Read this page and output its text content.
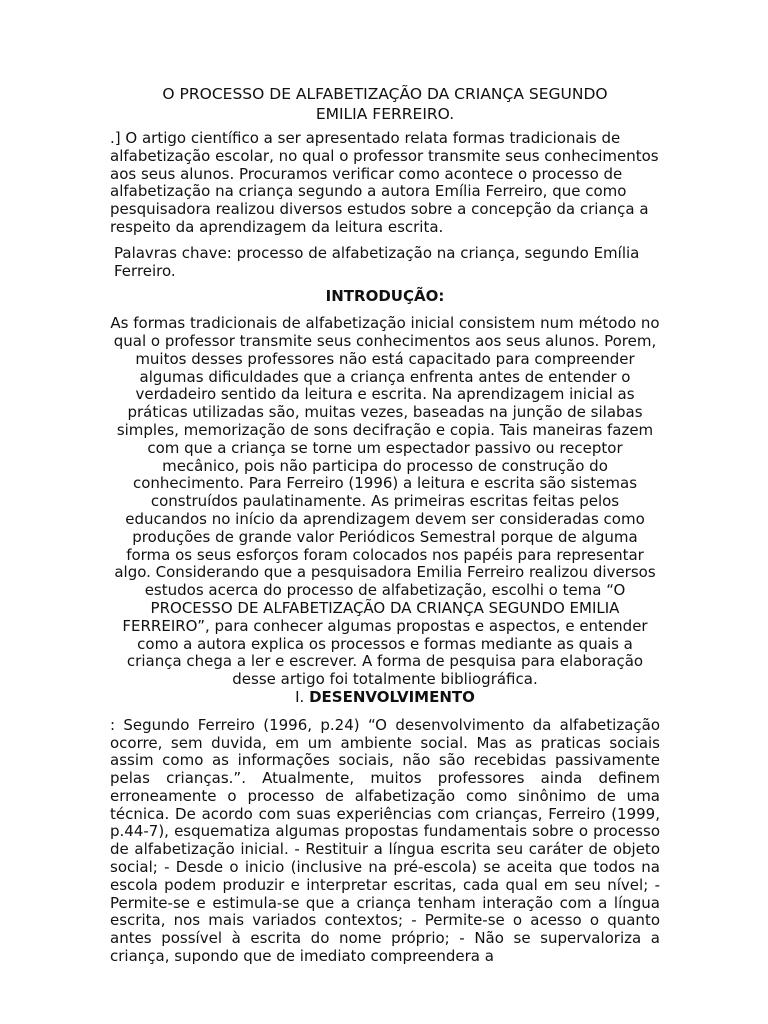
O PROCESSO DE ALFABETIZAÇÃO DA CRIANÇA SEGUNDO
EMILIA FERREIRO.

.] O artigo científico a ser apresentado relata formas tradicionais de alfabetização escolar, no qual o professor transmite seus conhecimentos aos seus alunos. Procuramos verificar como acontece o processo de alfabetização na criança segundo a autora Emília Ferreiro, que como pesquisadora realizou diversos estudos sobre a concepção da criança a respeito da aprendizagem da leitura escrita.

Palavras chave: processo de alfabetização na criança, segundo Emília Ferreiro.

INTRODUÇÃO:

As formas tradicionais de alfabetização inicial consistem num método no qual o professor transmite seus conhecimentos aos seus alunos. Porem, muitos desses professores não está capacitado para compreender algumas dificuldades que a criança enfrenta antes de entender o verdadeiro sentido da leitura e escrita. Na aprendizagem inicial as práticas utilizadas são, muitas vezes, baseadas na junção de silabas simples, memorização de sons decifração e copia. Tais maneiras fazem com que a criança se torne um espectador passivo ou receptor mecânico, pois não participa do processo de construção do conhecimento. Para Ferreiro (1996) a leitura e escrita são sistemas construídos paulatinamente. As primeiras escritas feitas pelos educandos no início da aprendizagem devem ser consideradas como produções de grande valor Periódicos Semestral porque de alguma forma os seus esforços foram colocados nos papéis para representar algo. Considerando que a pesquisadora Emilia Ferreiro realizou diversos estudos acerca do processo de alfabetização, escolhi o tema “O PROCESSO DE ALFABETIZAÇÃO DA CRIANÇA SEGUNDO EMILIA FERREIRO”, para conhecer algumas propostas e aspectos, e entender como a autora explica os processos e formas mediante as quais a criança chega a ler e escrever. A forma de pesquisa para elaboração desse artigo foi totalmente bibliográfica.

I. DESENVOLVIMENTO

: Segundo Ferreiro (1996, p.24) “O desenvolvimento da alfabetização ocorre, sem duvida, em um ambiente social. Mas as praticas sociais assim como as informações sociais, não são recebidas passivamente pelas crianças.”. Atualmente, muitos professores ainda definem erroneamente o processo de alfabetização como sinônimo de uma técnica. De acordo com suas experiências com crianças, Ferreiro (1999, p.44-7), esquematiza algumas propostas fundamentais sobre o processo de alfabetização inicial. - Restituir a língua escrita seu caráter de objeto social; - Desde o inicio (inclusive na pré-escola) se aceita que todos na escola podem produzir e interpretar escritas, cada qual em seu nível; - Permite-se e estimula-se que a criança tenham interação com a língua escrita, nos mais variados contextos; - Permite-se o acesso o quanto antes possível à escrita do nome próprio; - Não se supervaloriza a criança, supondo que de imediato compreendera a
